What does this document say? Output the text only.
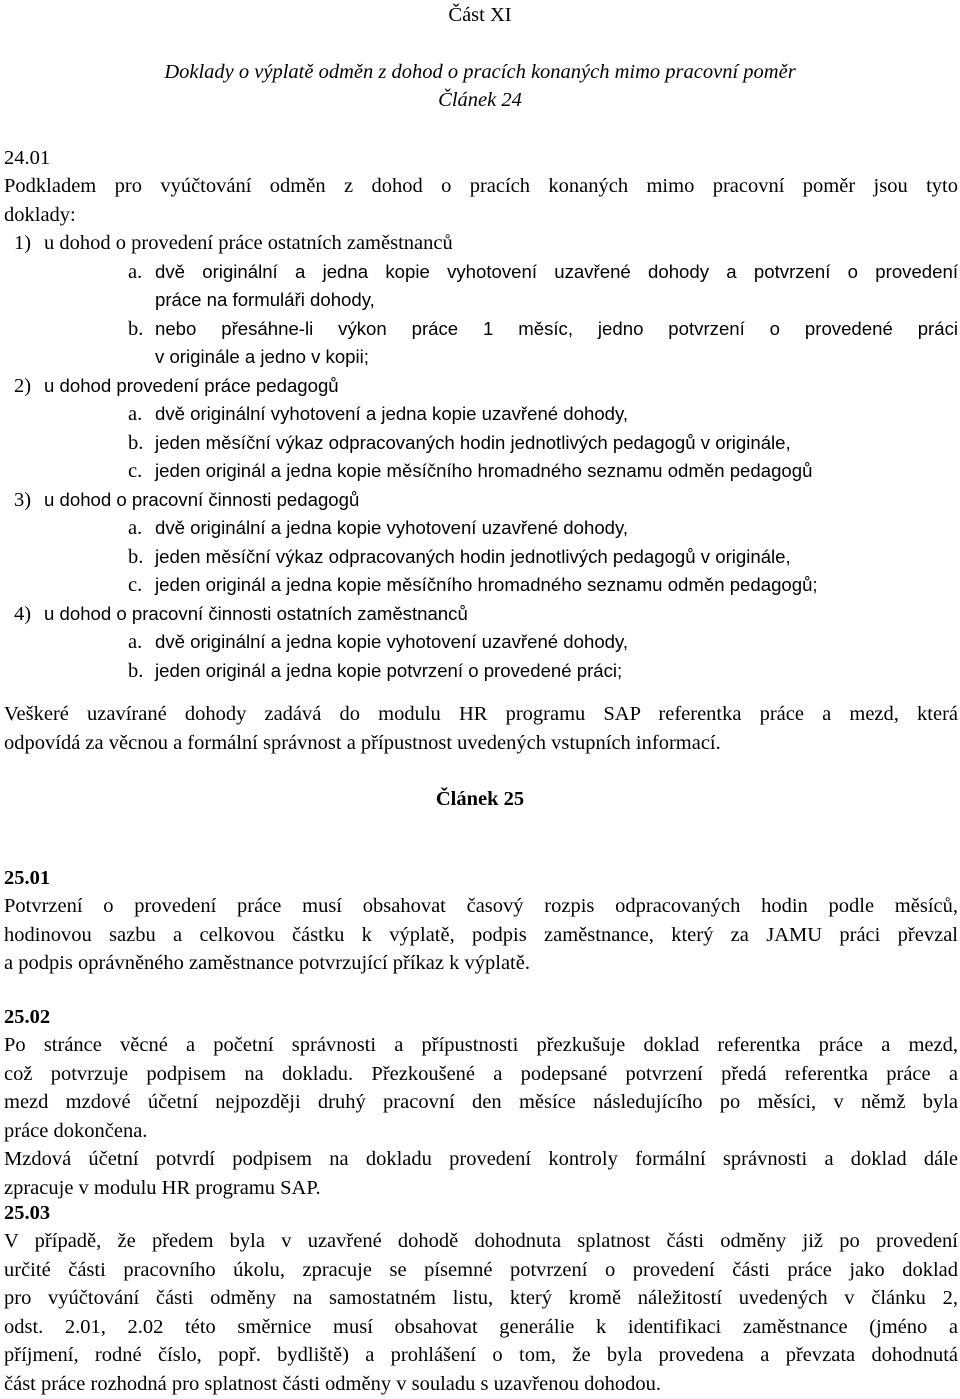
Část XI
Doklady o výplatě odměn z dohod o pracích konaných mimo pracovní poměr
Článek 24
24.01
Podkladem pro vyúčtování odměn z dohod o pracích konaných mimo pracovní poměr jsou tyto
doklady:
1) u dohod o provedení práce ostatních zaměstnanců
a. dvě originální a jedna kopie vyhotovení uzavřené dohody a potvrzení o provedení
práce na formuláři dohody,
b. nebo přesáhne-li výkon práce 1 měsíc, jedno potvrzení o provedené práci
v originále a jedno v kopii;
2) u dohod provedení práce pedagogů
a. dvě originální vyhotovení a jedna kopie uzavřené dohody,
b. jeden měsíční výkaz odpracovaných hodin jednotlivých pedagogů v originále,
c. jeden originál a jedna kopie měsíčního hromadného seznamu odměn pedagogů
3) u dohod o pracovní činnosti pedagogů
a. dvě originální a jedna kopie vyhotovení uzavřené dohody,
b. jeden měsíční výkaz odpracovaných hodin jednotlivých pedagogů v originále,
c. jeden originál a jedna kopie měsíčního hromadného seznamu odměn pedagogů;
4) u dohod o pracovní činnosti ostatních zaměstnanců
a. dvě originální a jedna kopie vyhotovení uzavřené dohody,
b. jeden originál a jedna kopie potvrzení o provedené práci;
Veškeré uzavírané dohody zadává do modulu HR programu SAP referentka práce a mezd, která
odpovídá za věcnou a formální správnost a přípustnost uvedených vstupních informací.
Článek 25
25.01
Potvrzení o provedení práce musí obsahovat časový rozpis odpracovaných hodin podle měsíců,
hodinovou sazbu a celkovou částku k výplatě, podpis zaměstnance, který za JAMU práci převzal
a podpis oprávněného zaměstnance potvrzující příkaz k výplatě.
25.02
Po stránce věcné a početní správnosti a přípustnosti přezkušuje doklad referentka práce a mezd,
což potvrzuje podpisem na dokladu. Přezkoušené a podepsané potvrzení předá referentka práce a
mezd mzdové účetní nejpozději druhý pracovní den měsíce následujícího po měsíci, v němž byla
práce dokončena.
Mzdová účetní potvrdí podpisem na dokladu provedení kontroly formální správnosti a doklad dále
zpracuje v modulu HR programu SAP.
25.03
V případě, že předem byla v uzavřené dohodě dohodnuta splatnost části odměny již po provedení
určité části pracovního úkolu, zpracuje se písemné potvrzení o provedení části práce jako doklad
pro vyúčtování části odměny na samostatném listu, který kromě náležitostí uvedených v článku 2,
odst. 2.01, 2.02 této směrnice musí obsahovat generálie k identifikaci zaměstnance (jméno a
příjmení, rodné číslo, popř. bydliště) a prohlášení o tom, že byla provedena a převzata dohodnutá
část práce rozhodná pro splatnost části odměny v souladu s uzavřenou dohodou.
